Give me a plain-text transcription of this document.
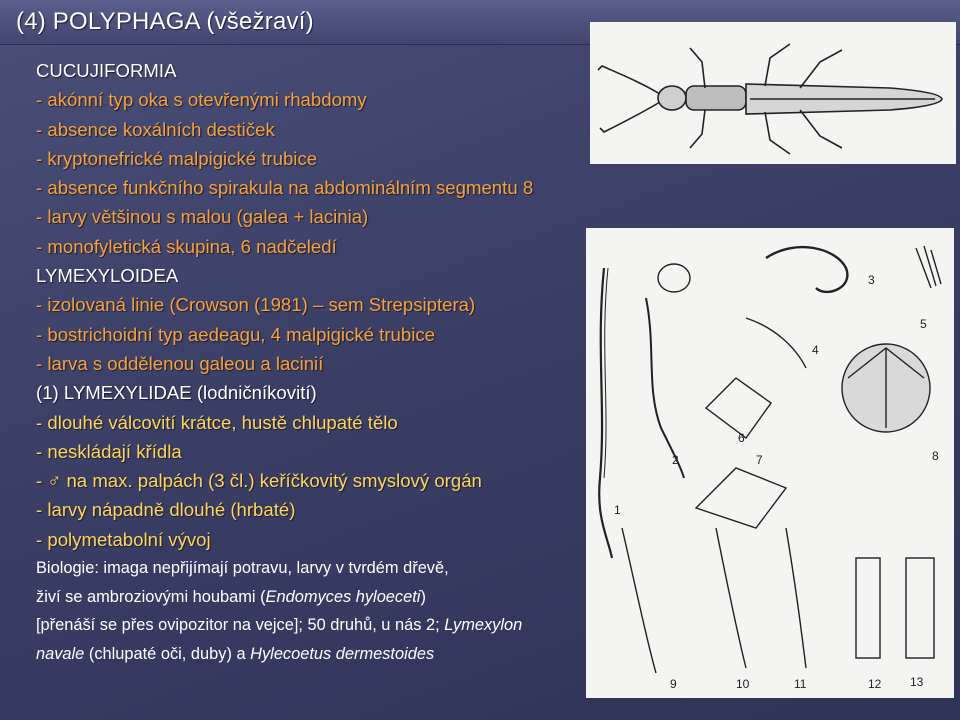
(4) POLYPHAGA (všežraví)
CUCUJIFORMIA
- akónní typ oka s otevřenými rhabdomy
- absence koxálních destiček
- kryptonefrické malpigické trubice
- absence funkčního spirakula na abdominálním segmentu 8
- larvy většinou s malou (galea + lacinia)
- monofyletická skupina, 6 nadčeledí
LYMEXYLOIDEA
- izolovaná linie (Crowson (1981) – sem Strepsiptera)
- bostrichoidní typ aedeagu, 4 malpigické trubice
- larva s oddělenou galeou a lacinií
(1) LYMEXYLIDAE (lodničníkovití)
- dlouhé válcovití krátce, hustě chlupaté tělo
- neskládají křídla
- ♂ na max. palpách (3 čl.) keříčkovitý smyslový orgán
- larvy nápadně dlouhé (hrbaté)
- polymetabolní vývoj
Biologie: imaga nepřijímají potravu, larvy v tvrdém dřevě,
živí se ambroziovými houbami (Endomyces hyloeceti)
[přenáší se přes ovipozitor na vejce]; 50 druhů, u nás 2; Lymexylon
navale (chlupaté oči, duby) a Hylecoetus dermestoides
1
2
3
4
5
6
7	8
9	10	11	12 13
